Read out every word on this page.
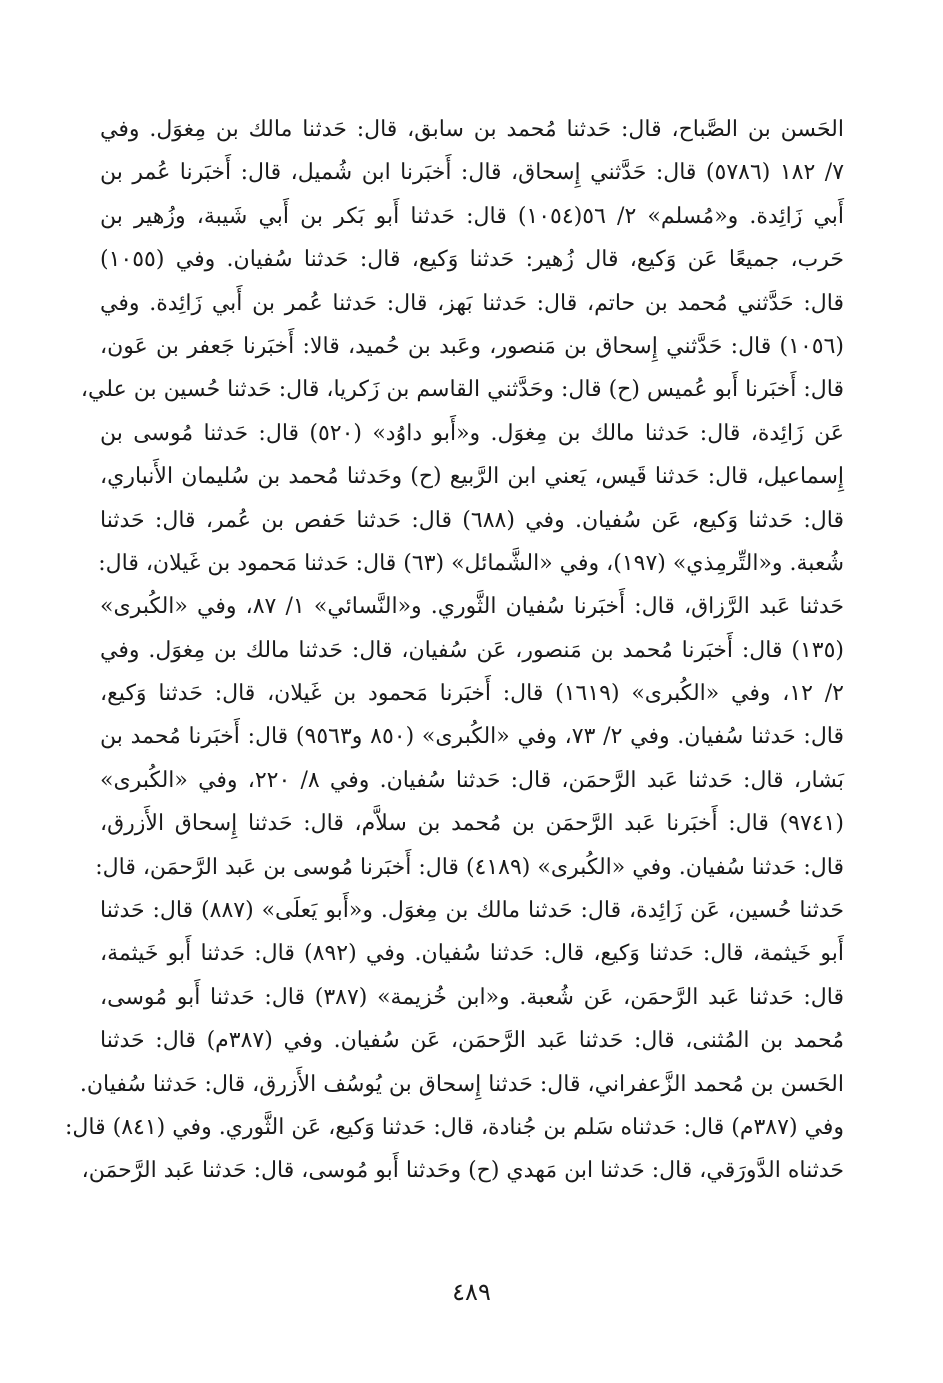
الحَسن بن الصَّباح، قال: حَدثنا مُحمد بن سابق، قال: حَدثنا مالك بن مِغوَل. وفي
٧/ ١٨٢ (٥٧٨٦) قال: حَدَّثني إِسحاق، قال: أَخبَرنا ابن شُميل، قال: أَخبَرنا عُمر بن
أَبي زَائِدة. و«مُسلم» ٢/ ٥٦(١٠٥٤) قال: حَدثنا أَبو بَكر بن أَبي شَيبة، وزُهير بن
حَرب، جميعًا عَن وَكيع، قال زُهير: حَدثنا وَكيع، قال: حَدثنا سُفيان. وفي (١٠٥٥)
قال: حَدَّثني مُحمد بن حاتم، قال: حَدثنا بَهز، قال: حَدثنا عُمر بن أَبي زَائِدة. وفي
(١٠٥٦) قال: حَدَّثني إِسحاق بن مَنصور، وعَبد بن حُميد، قالا: أَخبَرنا جَعفر بن عَون،
قال: أَخبَرنا أَبو عُميس (ح) قال: وحَدَّثني القاسم بن زَكريا، قال: حَدثنا حُسين بن علي،
عَن زَائِدة، قال: حَدثنا مالك بن مِغوَل. و«أَبو داوُد» (٥٢٠) قال: حَدثنا مُوسى بن
إِسماعيل، قال: حَدثنا قَيس، يَعني ابن الرَّبيع (ح) وحَدثنا مُحمد بن سُليمان الأَنباري،
قال: حَدثنا وَكيع، عَن سُفيان. وفي (٦٨٨) قال: حَدثنا حَفص بن عُمر، قال: حَدثنا
شُعبة. و«التِّرمِذي» (١٩٧)، وفي «الشَّمائل» (٦٣) قال: حَدثنا مَحمود بن غَيلان، قال:
حَدثنا عَبد الرَّزاق، قال: أَخبَرنا سُفيان الثَّوري. و«النَّسائي» ١/ ٨٧، وفي «الكُبرى»
(١٣٥) قال: أَخبَرنا مُحمد بن مَنصور، عَن سُفيان، قال: حَدثنا مالك بن مِغوَل. وفي
٢/ ١٢، وفي «الكُبرى» (١٦١٩) قال: أَخبَرنا مَحمود بن غَيلان، قال: حَدثنا وَكيع،
قال: حَدثنا سُفيان. وفي ٢/ ٧٣، وفي «الكُبرى» (٨٥٠ و٩٥٦٣) قال: أَخبَرنا مُحمد بن
بَشار، قال: حَدثنا عَبد الرَّحمَن، قال: حَدثنا سُفيان. وفي ٨/ ٢٢٠، وفي «الكُبرى»
(٩٧٤١) قال: أَخبَرنا عَبد الرَّحمَن بن مُحمد بن سلاَّم، قال: حَدثنا إِسحاق الأَزرق،
قال: حَدثنا سُفيان. وفي «الكُبرى» (٤١٨٩) قال: أَخبَرنا مُوسى بن عَبد الرَّحمَن، قال:
حَدثنا حُسين، عَن زَائِدة، قال: حَدثنا مالك بن مِغوَل. و«أَبو يَعلَى» (٨٨٧) قال: حَدثنا
أَبو خَيثمة، قال: حَدثنا وَكيع، قال: حَدثنا سُفيان. وفي (٨٩٢) قال: حَدثنا أَبو خَيثمة،
قال: حَدثنا عَبد الرَّحمَن، عَن شُعبة. و«ابن خُزيمة» (٣٨٧) قال: حَدثنا أَبو مُوسى،
مُحمد بن المُثنى، قال: حَدثنا عَبد الرَّحمَن، عَن سُفيان. وفي (٣٨٧م) قال: حَدثنا
الحَسن بن مُحمد الزَّعفراني، قال: حَدثنا إِسحاق بن يُوسُف الأَزرق، قال: حَدثنا سُفيان.
وفي (٣٨٧م) قال: حَدثناه سَلم بن جُنادة، قال: حَدثنا وَكيع، عَن الثَّوري. وفي (٨٤١) قال:
حَدثناه الدَّورَقي، قال: حَدثنا ابن مَهدي (ح) وحَدثنا أَبو مُوسى، قال: حَدثنا عَبد الرَّحمَن،
٤٨٩
